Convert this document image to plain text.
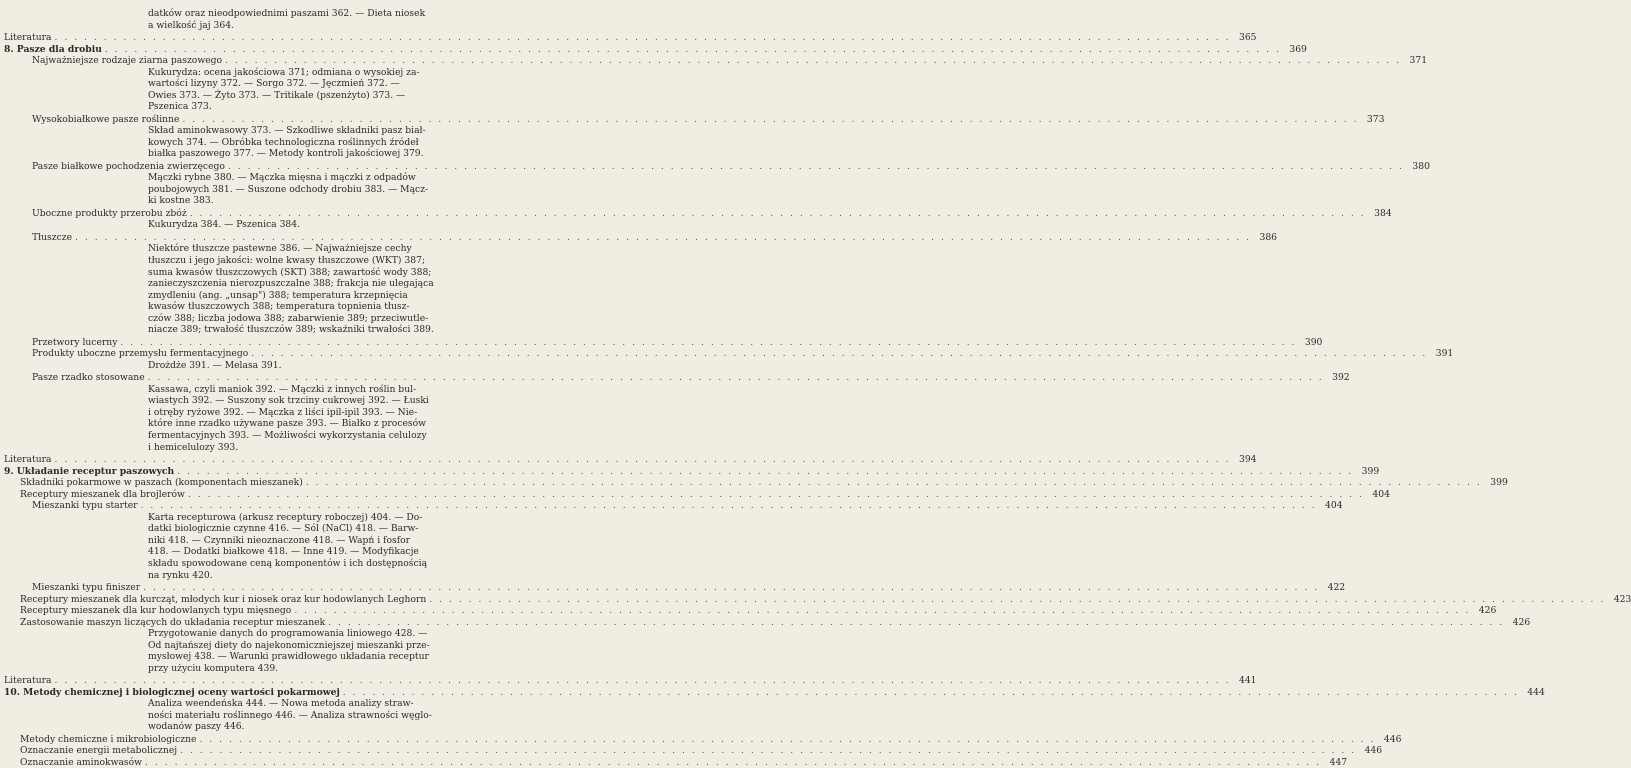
datków oraz nieodpowiednimi paszami 362. — Dieta niosek
a wielkość jaj 364.
Literatura . . . . . . . . . . . . . . . . . . . . . . . . . . . . . . . . . . . . . . . . . . . . . . . . . . . . . . . . . . . . . . . . . . . . . . . . . . . . . . . . . . . . . . . . . . . . . . . . . . . . . . . . . . . . . . . . . . . . . . . . 365
8. Pasze dla drobiu . . . . . . . . . . . . . . . . . . . . . . . . . . . . . . . . . . . . . . . . . . . . . . . . . . . . . . . . . . . . . . . . . . . . . . . . . . . . . . . . . . . . . . . . . . . . . . . . . . . . . . . . . . . . . . . . . . . . . . . . 369
Najważniejsze rodzaje ziarna paszowego . . . . . . . . . . . . . . . . . . . . . . . . . . . . . . . . . . . . . . . . . . . . . . . . . . . . . . . . . . . . . . . . . . . . . . . . . . . . . . . . . . . . . . . . . . . . . . . . . . . . . . . . . . . . . . . . . . . . . . . . 371
Kukurydza: ocena jakościowa 371; odmiana o wysokiej za-
wartości lizyny 372. — Sorgo 372. — Jęczmień 372. —
Owies 373. — Żyto 373. — Tritikale (pszenżyto) 373. —
Pszenica 373.
Wysokobiałkowe pasze roślinne . . . . . . . . . . . . . . . . . . . . . . . . . . . . . . . . . . . . . . . . . . . . . . . . . . . . . . . . . . . . . . . . . . . . . . . . . . . . . . . . . . . . . . . . . . . . . . . . . . . . . . . . . . . . . . . . . . . . . . . . 373
Skład aminokwasowy 373. — Szkodliwe składniki pasz biał-
kowych 374. — Obróbka technologiczna roślinnych źródeł
białka paszowego 377. — Metody kontroli jakościowej 379.
Pasze białkowe pochodzenia zwierzęcego . . . . . . . . . . . . . . . . . . . . . . . . . . . . . . . . . . . . . . . . . . . . . . . . . . . . . . . . . . . . . . . . . . . . . . . . . . . . . . . . . . . . . . . . . . . . . . . . . . . . . . . . . . . . . . . . . . . . . . . . 380
Mączki rybne 380. — Mączka mięsna i mączki z odpadów
poubojowych 381. — Suszone odchody drobiu 383. — Mącz-
ki kostne 383.
Uboczne produkty przerobu zbóż . . . . . . . . . . . . . . . . . . . . . . . . . . . . . . . . . . . . . . . . . . . . . . . . . . . . . . . . . . . . . . . . . . . . . . . . . . . . . . . . . . . . . . . . . . . . . . . . . . . . . . . . . . . . . . . . . . . . . . . . 384
Kukurydza 384. — Pszenica 384.
Tłuszcze . . . . . . . . . . . . . . . . . . . . . . . . . . . . . . . . . . . . . . . . . . . . . . . . . . . . . . . . . . . . . . . . . . . . . . . . . . . . . . . . . . . . . . . . . . . . . . . . . . . . . . . . . . . . . . . . . . . . . . . . 386
Niektóre tłuszcze pastewne 386. — Najważniejsze cechy
tłuszczu i jego jakości: wolne kwasy tłuszczowe (WKT) 387;
suma kwasów tłuszczowych (SKT) 388; zawartość wody 388;
zanieczyszczenia nierozpuszczalne 388; frakcja nie ulegająca
zmydleniu (ang. „unsap") 388; temperatura krzepnięcia
kwasów tłuszczowych 388; temperatura topnienia tłusz-
czów 388; liczba jodowa 388; zabarwienie 389; przeciwutle-
niacze 389; trwałość tłuszczów 389; wskaźniki trwałości 389.
Przetwory lucerny . . . . . . . . . . . . . . . . . . . . . . . . . . . . . . . . . . . . . . . . . . . . . . . . . . . . . . . . . . . . . . . . . . . . . . . . . . . . . . . . . . . . . . . . . . . . . . . . . . . . . . . . . . . . . . . . . . . . . . . . 390
Produkty uboczne przemysłu fermentacyjnego . . . . . . . . . . . . . . . . . . . . . . . . . . . . . . . . . . . . . . . . . . . . . . . . . . . . . . . . . . . . . . . . . . . . . . . . . . . . . . . . . . . . . . . . . . . . . . . . . . . . . . . . . . . . . . . . . . . . . . . . 391
Drożdże 391. — Melasa 391.
Pasze rzadko stosowane . . . . . . . . . . . . . . . . . . . . . . . . . . . . . . . . . . . . . . . . . . . . . . . . . . . . . . . . . . . . . . . . . . . . . . . . . . . . . . . . . . . . . . . . . . . . . . . . . . . . . . . . . . . . . . . . . . . . . . . . 392
Kassawa, czyli maniok 392. — Mączki z innych roślin bul-
wiastych 392. — Suszony sok trzciny cukrowej 392. — Łuski
i otręby ryżowe 392. — Mączka z liści ipil-ipil 393. — Nie-
które inne rzadko używane pasze 393. — Białko z procesów
fermentacyjnych 393. — Możliwości wykorzystania celulozy
i hemicelulozy 393.
Literatura . . . . . . . . . . . . . . . . . . . . . . . . . . . . . . . . . . . . . . . . . . . . . . . . . . . . . . . . . . . . . . . . . . . . . . . . . . . . . . . . . . . . . . . . . . . . . . . . . . . . . . . . . . . . . . . . . . . . . . . . 394
9. Układanie receptur paszowych . . . . . . . . . . . . . . . . . . . . . . . . . . . . . . . . . . . . . . . . . . . . . . . . . . . . . . . . . . . . . . . . . . . . . . . . . . . . . . . . . . . . . . . . . . . . . . . . . . . . . . . . . . . . . . . . . . . . . . . . 399
Składniki pokarmowe w paszach (komponentach mieszanek) . . . . . . . . . . . . . . . . . . . . . . . . . . . . . . . . . . . . . . . . . . . . . . . . . . . . . . . . . . . . . . . . . . . . . . . . . . . . . . . . . . . . . . . . . . . . . . . . . . . . . . . . . . . . . . . . . . . . . . . . 399
Receptury mieszanek dla brojlerów . . . . . . . . . . . . . . . . . . . . . . . . . . . . . . . . . . . . . . . . . . . . . . . . . . . . . . . . . . . . . . . . . . . . . . . . . . . . . . . . . . . . . . . . . . . . . . . . . . . . . . . . . . . . . . . . . . . . . . . . 404
Mieszanki typu starter . . . . . . . . . . . . . . . . . . . . . . . . . . . . . . . . . . . . . . . . . . . . . . . . . . . . . . . . . . . . . . . . . . . . . . . . . . . . . . . . . . . . . . . . . . . . . . . . . . . . . . . . . . . . . . . . . . . . . . . . 404
Karta recepturowa (arkusz receptury roboczej) 404. — Do-
datki biologicznie czynne 416. — Sól (NaCl) 418. — Barw-
niki 418. — Czynniki nieoznaczone 418. — Wapń i fosfor
418. — Dodatki białkowe 418. — Inne 419. — Modyfikacje
składu spowodowane ceną komponentów i ich dostępnością
na rynku 420.
Mieszanki typu finiszer . . . . . . . . . . . . . . . . . . . . . . . . . . . . . . . . . . . . . . . . . . . . . . . . . . . . . . . . . . . . . . . . . . . . . . . . . . . . . . . . . . . . . . . . . . . . . . . . . . . . . . . . . . . . . . . . . . . . . . . . 422
Receptury mieszanek dla kurcząt, młodych kur i niosek oraz kur hodowlanych Leghorn . . . . . . . . . . . . . . . . . . . . . . . . . . . . . . . . . . . . . . . . . . . . . . . . . . . . . . . . . . . . . . . . . . . . . . . . . . . . . . . . . . . . . . . . . . . . . . . . . . . . . . . . . . . . . . . . . . . . . . . . 423
Receptury mieszanek dla kur hodowlanych typu mięsnego . . . . . . . . . . . . . . . . . . . . . . . . . . . . . . . . . . . . . . . . . . . . . . . . . . . . . . . . . . . . . . . . . . . . . . . . . . . . . . . . . . . . . . . . . . . . . . . . . . . . . . . . . . . . . . . . . . . . . . . . 426
Zastosowanie maszyn liczących do układania receptur mieszanek . . . . . . . . . . . . . . . . . . . . . . . . . . . . . . . . . . . . . . . . . . . . . . . . . . . . . . . . . . . . . . . . . . . . . . . . . . . . . . . . . . . . . . . . . . . . . . . . . . . . . . . . . . . . . . . . . . . . . . . . 426
Przygotowanie danych do programowania liniowego 428. —
Od najtańszej diety do najekonomiczniejszej mieszanki prze-
mysłowej 438. — Warunki prawidłowego układania receptur
przy użyciu komputera 439.
Literatura . . . . . . . . . . . . . . . . . . . . . . . . . . . . . . . . . . . . . . . . . . . . . . . . . . . . . . . . . . . . . . . . . . . . . . . . . . . . . . . . . . . . . . . . . . . . . . . . . . . . . . . . . . . . . . . . . . . . . . . . 441
10. Metody chemicznej i biologicznej oceny wartości pokarmowej . . . . . . . . . . . . . . . . . . . . . . . . . . . . . . . . . . . . . . . . . . . . . . . . . . . . . . . . . . . . . . . . . . . . . . . . . . . . . . . . . . . . . . . . . . . . . . . . . . . . . . . . . . . . . . . . . . . . . . . . 444
Analiza weendeńska 444. — Nowa metoda analizy straw-
ności materiału roślinnego 446. — Analiza strawności węglo-
wodanów paszy 446.
Metody chemiczne i mikrobiologiczne . . . . . . . . . . . . . . . . . . . . . . . . . . . . . . . . . . . . . . . . . . . . . . . . . . . . . . . . . . . . . . . . . . . . . . . . . . . . . . . . . . . . . . . . . . . . . . . . . . . . . . . . . . . . . . . . . . . . . . . . 446
Oznaczanie energii metabolicznej . . . . . . . . . . . . . . . . . . . . . . . . . . . . . . . . . . . . . . . . . . . . . . . . . . . . . . . . . . . . . . . . . . . . . . . . . . . . . . . . . . . . . . . . . . . . . . . . . . . . . . . . . . . . . . . . . . . . . . . . 446
Oznaczanie aminokwasów . . . . . . . . . . . . . . . . . . . . . . . . . . . . . . . . . . . . . . . . . . . . . . . . . . . . . . . . . . . . . . . . . . . . . . . . . . . . . . . . . . . . . . . . . . . . . . . . . . . . . . . . . . . . . . . . . . . . . . . . 447
